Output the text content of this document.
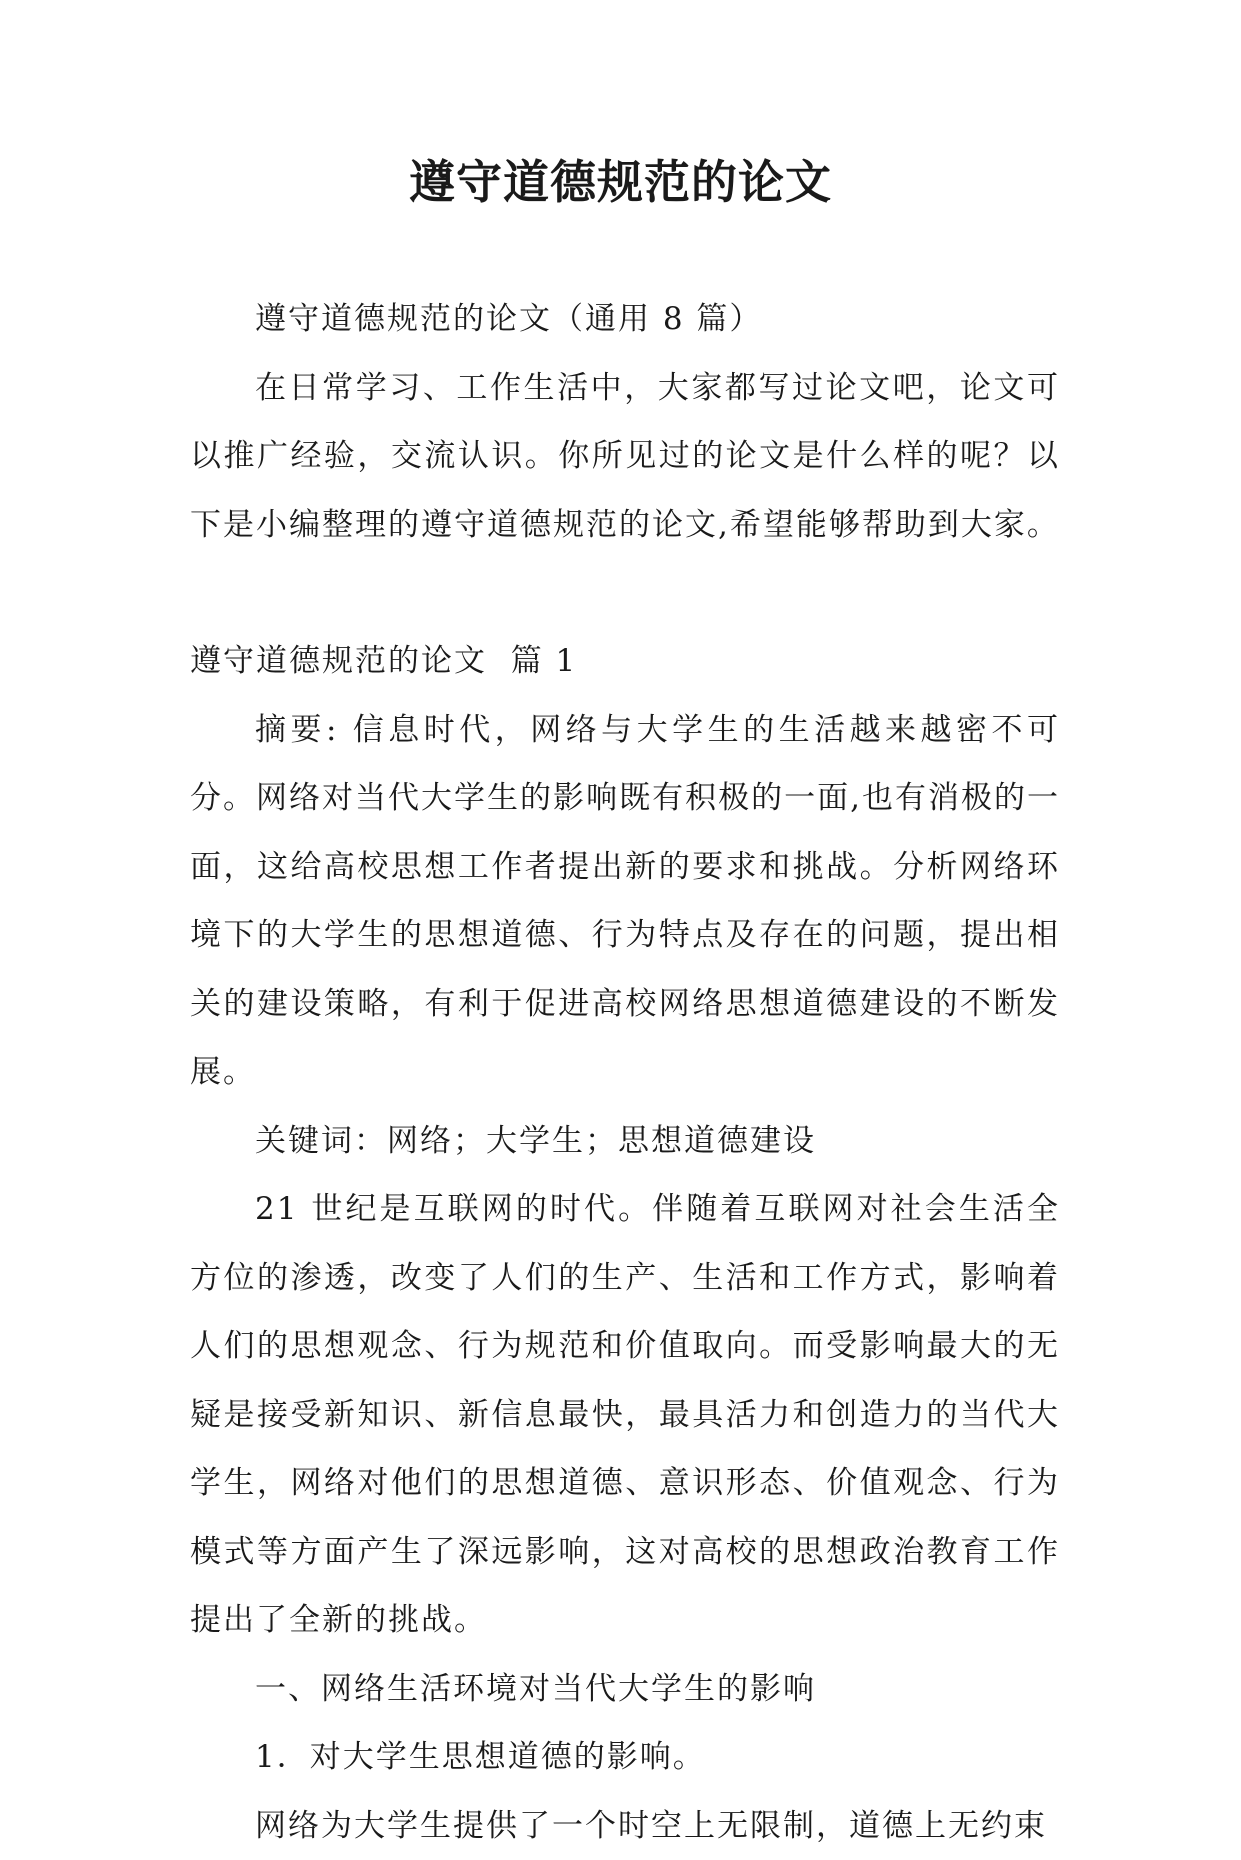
遵守道德规范的论文

遵守道德规范的论文（通用 8 篇）

在日常学习、工作生活中，大家都写过论文吧，论文可以推广经验，交流认识。你所见过的论文是什么样的呢？以下是小编整理的遵守道德规范的论文,希望能够帮助到大家。

遵守道德规范的论文  篇 1

摘要: 信息时代，网络与大学生的生活越来越密不可分。网络对当代大学生的影响既有积极的一面,也有消极的一面，这给高校思想工作者提出新的要求和挑战。分析网络环境下的大学生的思想道德、行为特点及存在的问题，提出相关的建设策略，有利于促进高校网络思想道德建设的不断发展。

关键词：网络；大学生；思想道德建设

21 世纪是互联网的时代。伴随着互联网对社会生活全方位的渗透，改变了人们的生产、生活和工作方式，影响着人们的思想观念、行为规范和价值取向。而受影响最大的无疑是接受新知识、新信息最快，最具活力和创造力的当代大学生，网络对他们的思想道德、意识形态、价值观念、行为模式等方面产生了深远影响，这对高校的思想政治教育工作提出了全新的挑战。

一、网络生活环境对当代大学生的影响

1．对大学生思想道德的影响。

网络为大学生提供了一个时空上无限制，道德上无约束
